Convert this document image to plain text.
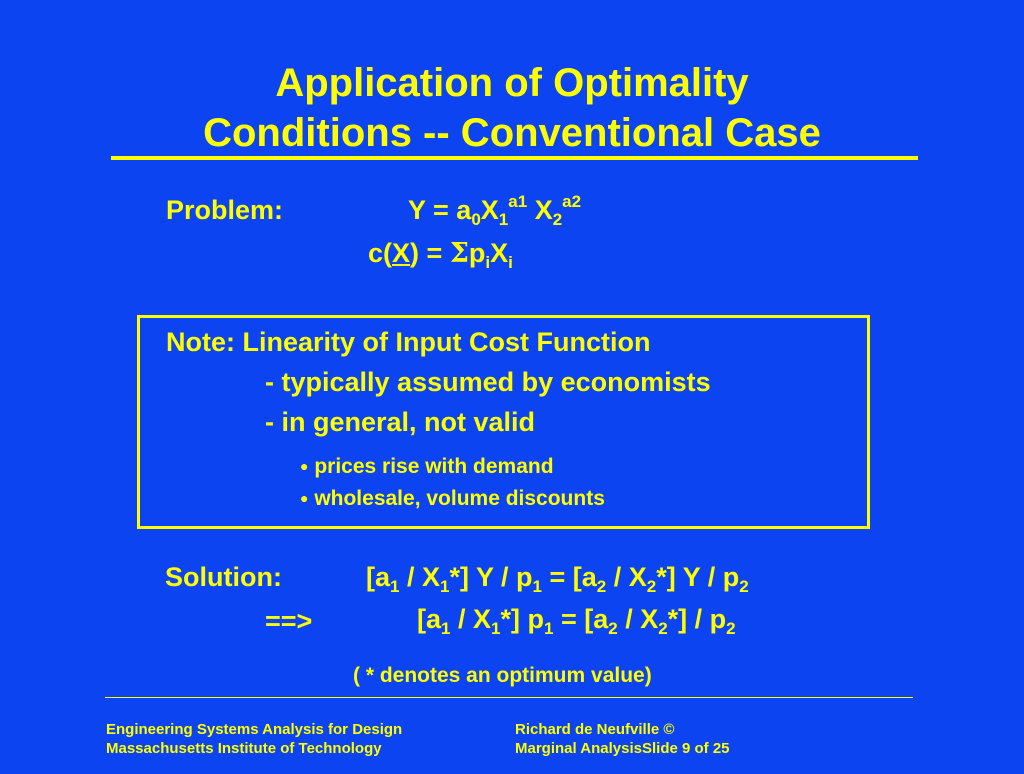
Application of Optimality
Conditions -- Conventional Case
Problem:	$Y = a_0X_1^{a1}$ $X_2^{a2}$
$c(X) = \Sigma p_iX_i$
Note: Linearity of Input Cost Function
- typically assumed by economists
- in general, not valid
● prices rise with demand
● wholesale, volume discounts
Solution:	$[a_1 / X_1*]$ $Y / p_1 = [a_2 / X_2*]$ Y / $p_2$
==>	$[a_1 / X_1*] p_1 = [a_2 / X_2*] / p_2$
( * denotes an optimum value)
Engineering Systems Analysis for Design
Massachusetts Institute of Technology
Richard de Neufville ©
Marginal AnalysisSlide 9 of 25
